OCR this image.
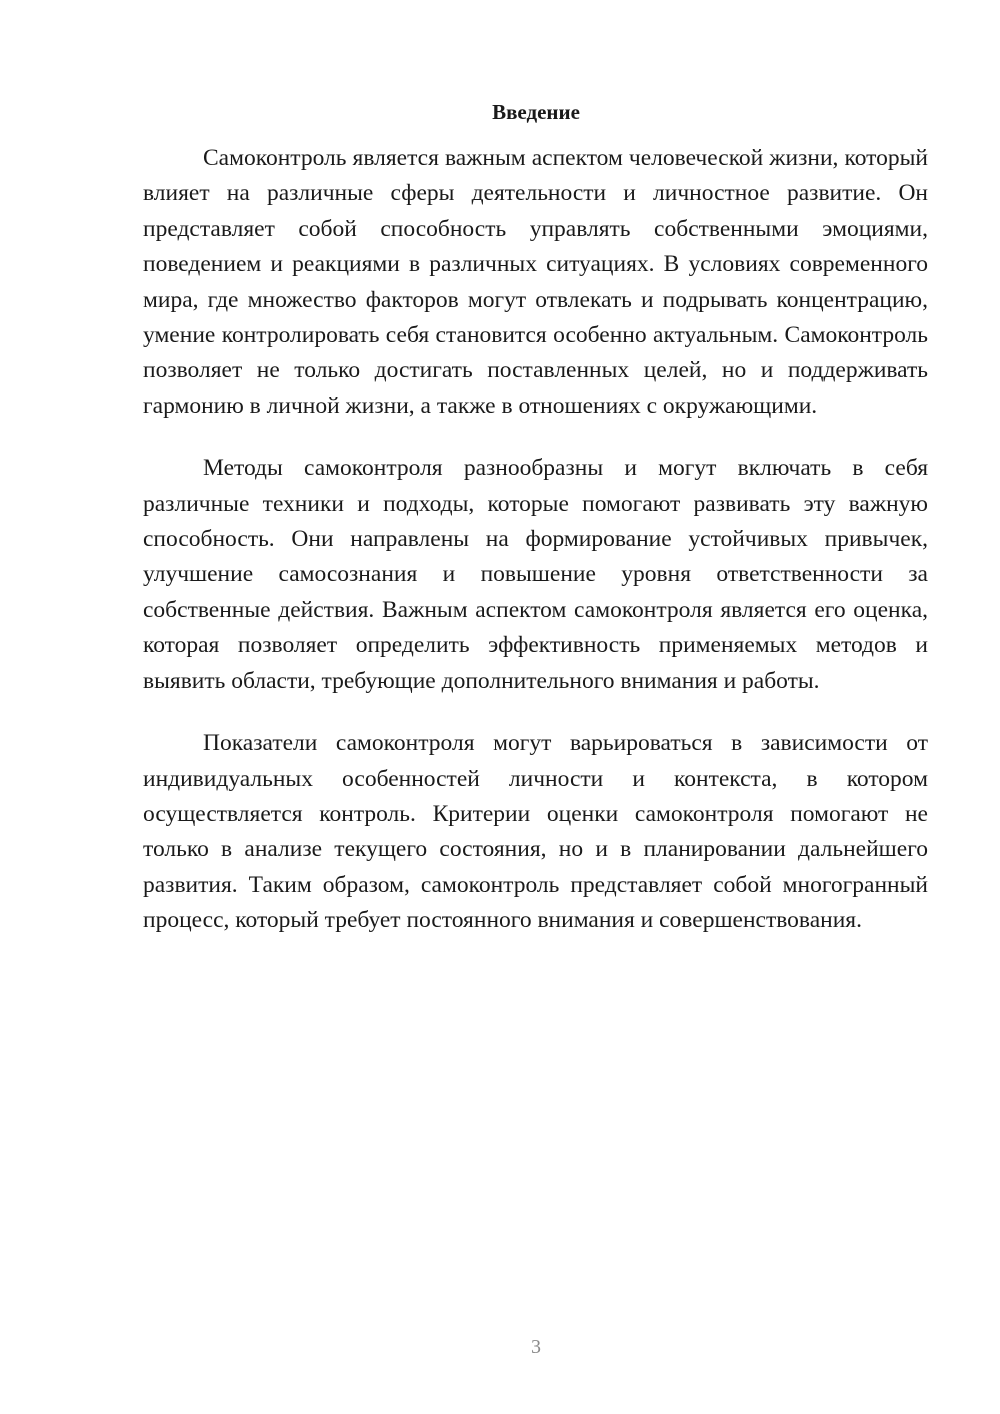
Введение

Самоконтроль является важным аспектом человеческой жизни, который влияет на различные сферы деятельности и личностное развитие. Он представляет собой способность управлять собственными эмоциями, поведением и реакциями в различных ситуациях. В условиях современного мира, где множество факторов могут отвлекать и подрывать концентрацию, умение контролировать себя становится особенно актуальным. Самоконтроль позволяет не только достигать поставленных целей, но и поддерживать гармонию в личной жизни, а также в отношениях с окружающими.

Методы самоконтроля разнообразны и могут включать в себя различные техники и подходы, которые помогают развивать эту важную способность. Они направлены на формирование устойчивых привычек, улучшение самосознания и повышение уровня ответственности за собственные действия. Важным аспектом самоконтроля является его оценка, которая позволяет определить эффективность применяемых методов и выявить области, требующие дополнительного внимания и работы.

Показатели самоконтроля могут варьироваться в зависимости от индивидуальных особенностей личности и контекста, в котором осуществляется контроль. Критерии оценки самоконтроля помогают не только в анализе текущего состояния, но и в планировании дальнейшего развития. Таким образом, самоконтроль представляет собой многогранный процесс, который требует постоянного внимания и совершенствования.

3
